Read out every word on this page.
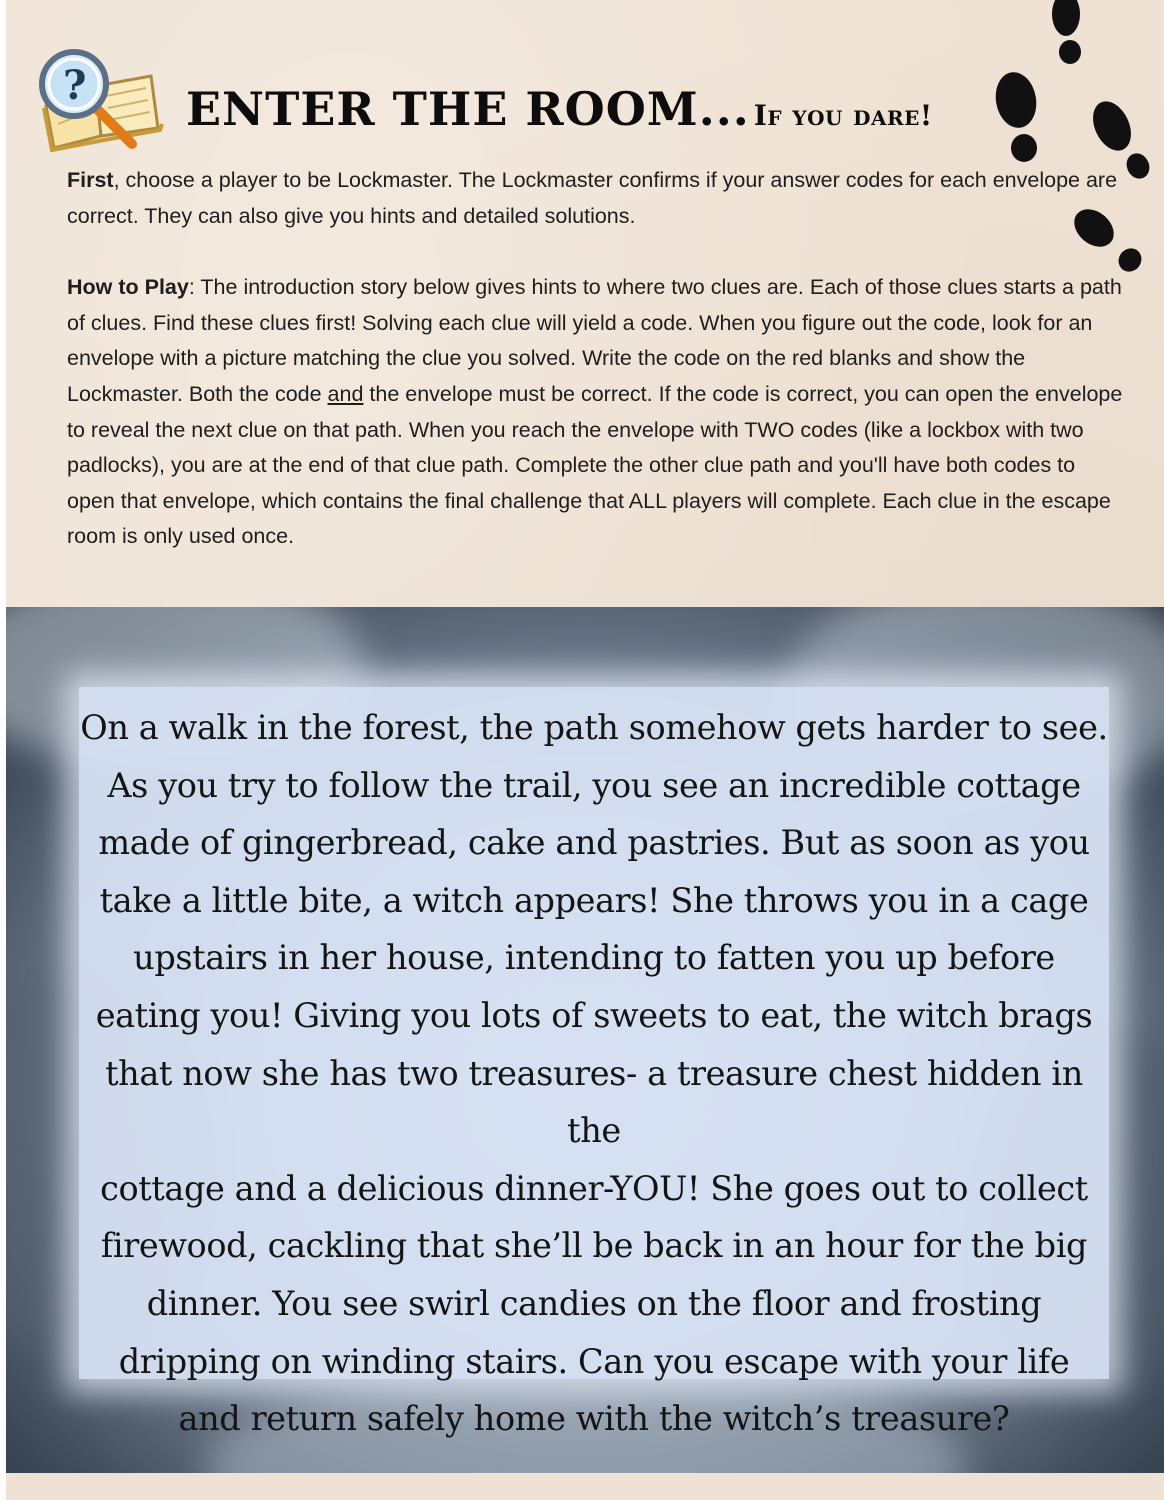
? ENTER THE ROOM... If you dare!

First, choose a player to be Lockmaster. The Lockmaster confirms if your answer codes for each envelope are correct. They can also give you hints and detailed solutions.

How to Play: The introduction story below gives hints to where two clues are. Each of those clues starts a path of clues. Find these clues first! Solving each clue will yield a code. When you figure out the code, look for an envelope with a picture matching the clue you solved. Write the code on the red blanks and show the Lockmaster. Both the code and the envelope must be correct. If the code is correct, you can open the envelope to reveal the next clue on that path. When you reach the envelope with TWO codes (like a lockbox with two padlocks), you are at the end of that clue path. Complete the other clue path and you'll have both codes to open that envelope, which contains the final challenge that ALL players will complete. Each clue in the escape room is only used once.

On a walk in the forest, the path somehow gets harder to see.
As you try to follow the trail, you see an incredible cottage
made of gingerbread, cake and pastries. But as soon as you
take a little bite, a witch appears! She throws you in a cage
upstairs in her house, intending to fatten you up before
eating you! Giving you lots of sweets to eat, the witch brags
that now she has two treasures- a treasure chest hidden in the
cottage and a delicious dinner-YOU! She goes out to collect
firewood, cackling that she’ll be back in an hour for the big
dinner. You see swirl candies on the floor and frosting
dripping on winding stairs. Can you escape with your life
and return safely home with the witch’s treasure?
